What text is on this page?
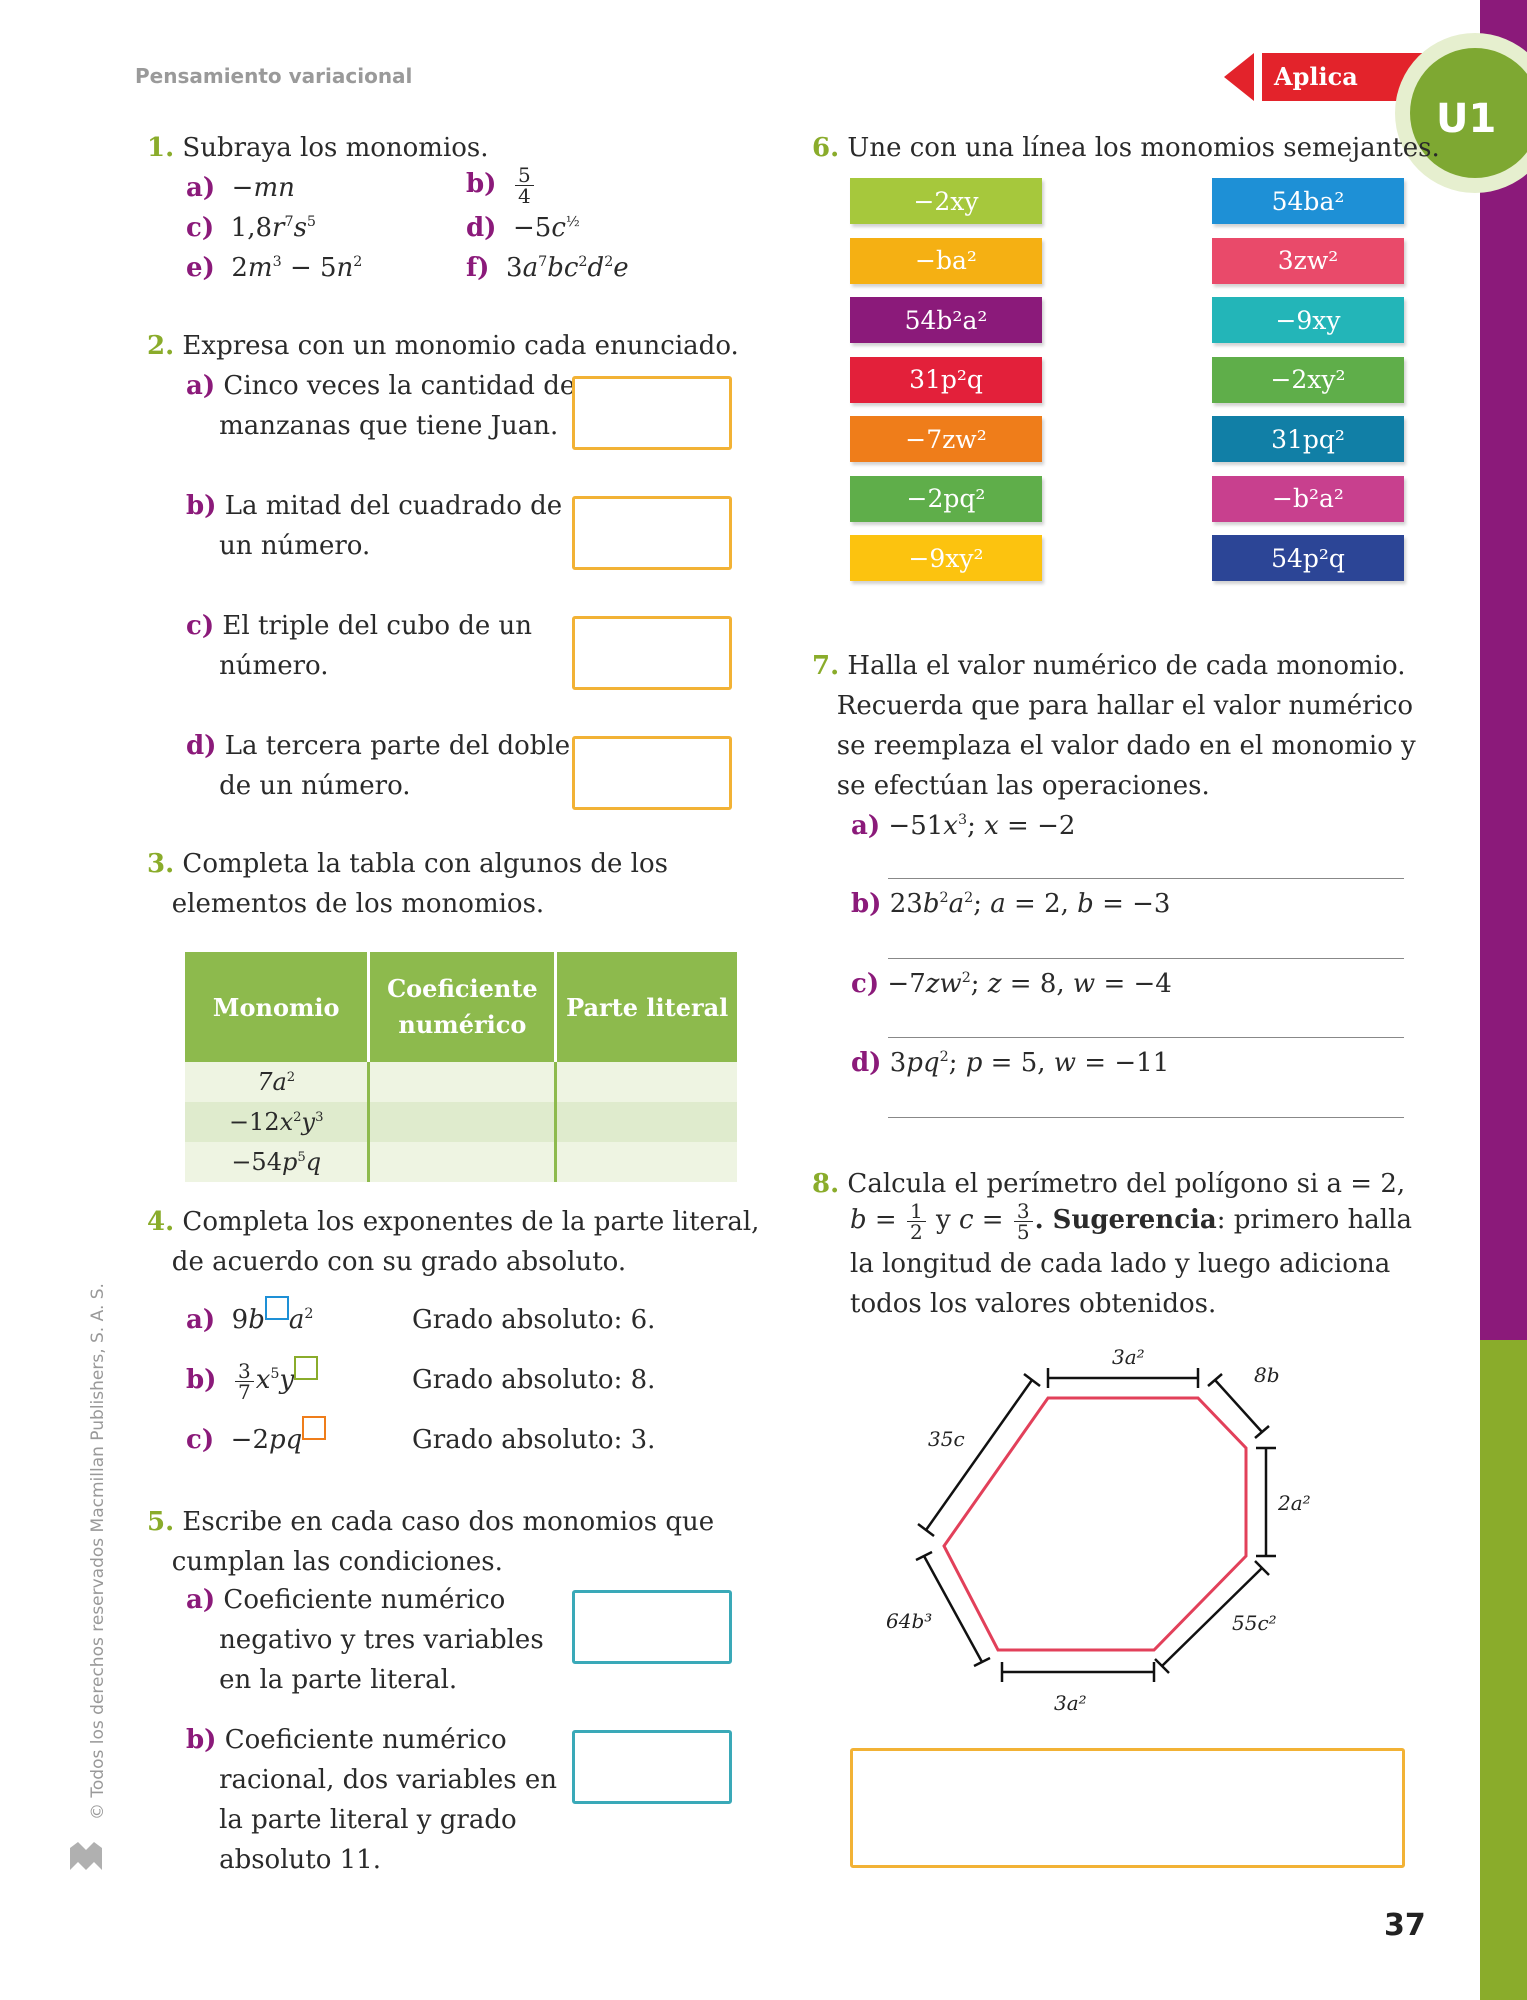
Pensamiento variacional	Aplica
U1
© Todos los derechos reservados Macmillan Publishers, S. A. S.
1. Subraya los monomios.
a)  −mn	$b) \frac{5}{4}$
c)  $1,8r^7s^5$	$d) -5c^{\frac{1}{2}}$
e)  $2m^3 - 5n^2$	f)  $3a^7bc^2d^2e$
2. Expresa con un monomio cada enunciado.
a) Cinco veces la cantidad de
manzanas que tiene Juan.
b) La mitad del cuadrado de
un número.
c) El triple del cubo de un
número.
d) La tercera parte del doble
de un número.
3. Completa la tabla con algunos de los
elementos de los monomios.
Monomio	Coeficiente numérico	Parte literal
$7a^2$		
$-12x^2y^3$		
$-54p^5q$		
4. Completa los exponentes de la parte literal,
de acuerdo con su grado absoluto.
a)  9b $a^2$	Grado absoluto: 6.
$b) \frac{3}{7} x^5y$	Grado absoluto: 8.
c)  −2pq	Grado absoluto: 3.
5. Escribe en cada caso dos monomios que
cumplan las condiciones.
a) Coeficiente numérico
negativo y tres variables
en la parte literal.
b) Coeficiente numérico
racional, dos variables en
la parte literal y grado
absoluto 11.
6. Une con una línea los monomios semejantes.
−2xy
−ba²
54b²a²
31p²q
−7zw²
−2pq²
−9xy²
54ba²
3zw²
−9xy
−2xy²
31pq²
−b²a²
54p²q
7. Halla el valor numérico de cada monomio.
Recuerda que para hallar el valor numérico
se reemplaza el valor dado en el monomio y
se efectúan las operaciones.
$a) -51x^3$; x = −2
b) $23b^2a^2$; a = 2, b = −3
$c) -7zw^2$; z = 8, w = −4
d) $3pq^2$; p = 5, w = −11
8. Calcula el perímetro del polígono si a = 2,
$b = \frac{1}{2}$ y $c = \frac{3}{5}$ . Sugerencia: primero halla
la longitud de cada lado y luego adiciona
todos los valores obtenidos.
3a²
8b
2a²
55c²
3a²
64b³
35c
37
